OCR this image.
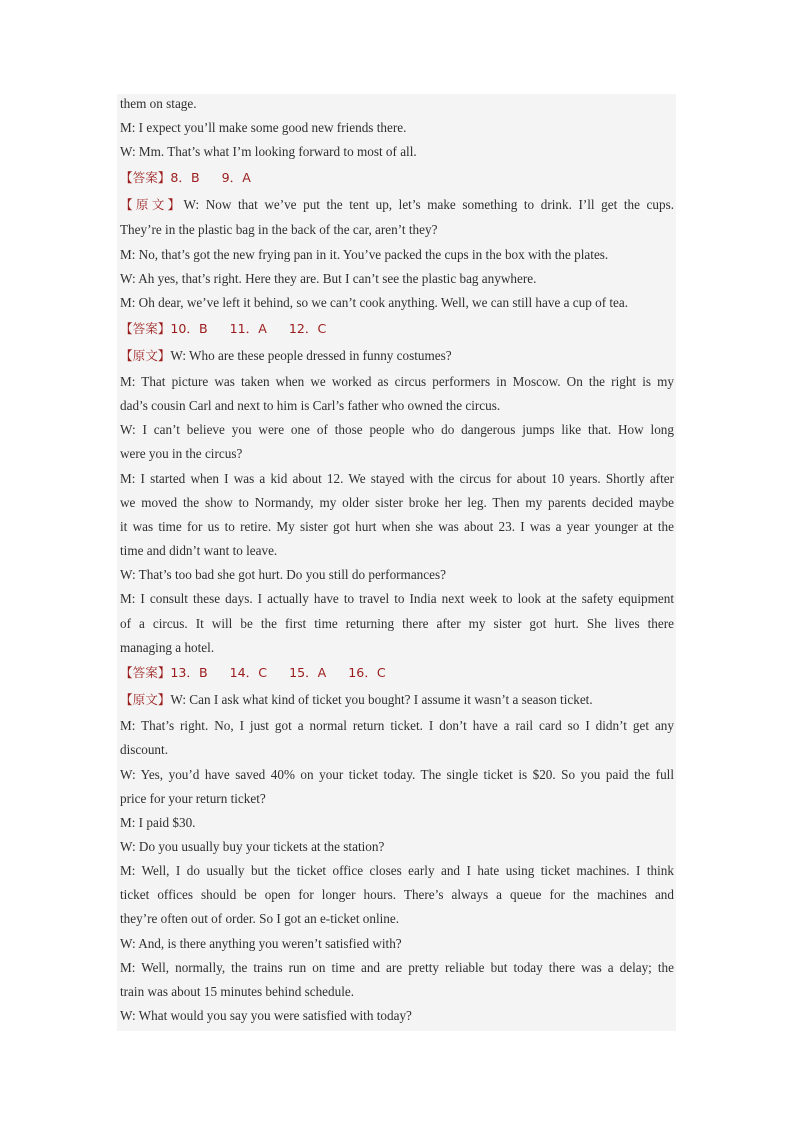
them on stage.
M: I expect you’ll make some good new friends there.
W: Mm. That’s what I’m looking forward to most of all.
【答案】8．B 9．A
【原文】W: Now that we’ve put the tent up, let’s make something to drink. I’ll get the cups.
They’re in the plastic bag in the back of the car, aren’t they?
M: No, that’s got the new frying pan in it. You’ve packed the cups in the box with the plates.
W: Ah yes, that’s right. Here they are. But I can’t see the plastic bag anywhere.
M: Oh dear, we’ve left it behind, so we can’t cook anything. Well, we can still have a cup of tea.
【答案】10．B 11．A 12．C
【原文】W: Who are these people dressed in funny costumes?
M: That picture was taken when we worked as circus performers in Moscow. On the right is my
dad’s cousin Carl and next to him is Carl’s father who owned the circus.
W: I can’t believe you were one of those people who do dangerous jumps like that. How long
were you in the circus?
M: I started when I was a kid about 12. We stayed with the circus for about 10 years. Shortly after
we moved the show to Normandy, my older sister broke her leg. Then my parents decided maybe
it was time for us to retire. My sister got hurt when she was about 23. I was a year younger at the
time and didn’t want to leave.
W: That’s too bad she got hurt. Do you still do performances?
M: I consult these days. I actually have to travel to India next week to look at the safety equipment
of a circus. It will be the first time returning there after my sister got hurt. She lives there
managing a hotel.
【答案】13．B 14．C 15．A 16．C
【原文】W: Can I ask what kind of ticket you bought? I assume it wasn’t a season ticket.
M: That’s right. No, I just got a normal return ticket. I don’t have a rail card so I didn’t get any
discount.
W: Yes, you’d have saved 40% on your ticket today. The single ticket is $20. So you paid the full
price for your return ticket?
M: I paid $30.
W: Do you usually buy your tickets at the station?
M: Well, I do usually but the ticket office closes early and I hate using ticket machines. I think
ticket offices should be open for longer hours. There’s always a queue for the machines and
they’re often out of order. So I got an e-ticket online.
W: And, is there anything you weren’t satisfied with?
M: Well, normally, the trains run on time and are pretty reliable but today there was a delay; the
train was about 15 minutes behind schedule.
W: What would you say you were satisfied with today?
